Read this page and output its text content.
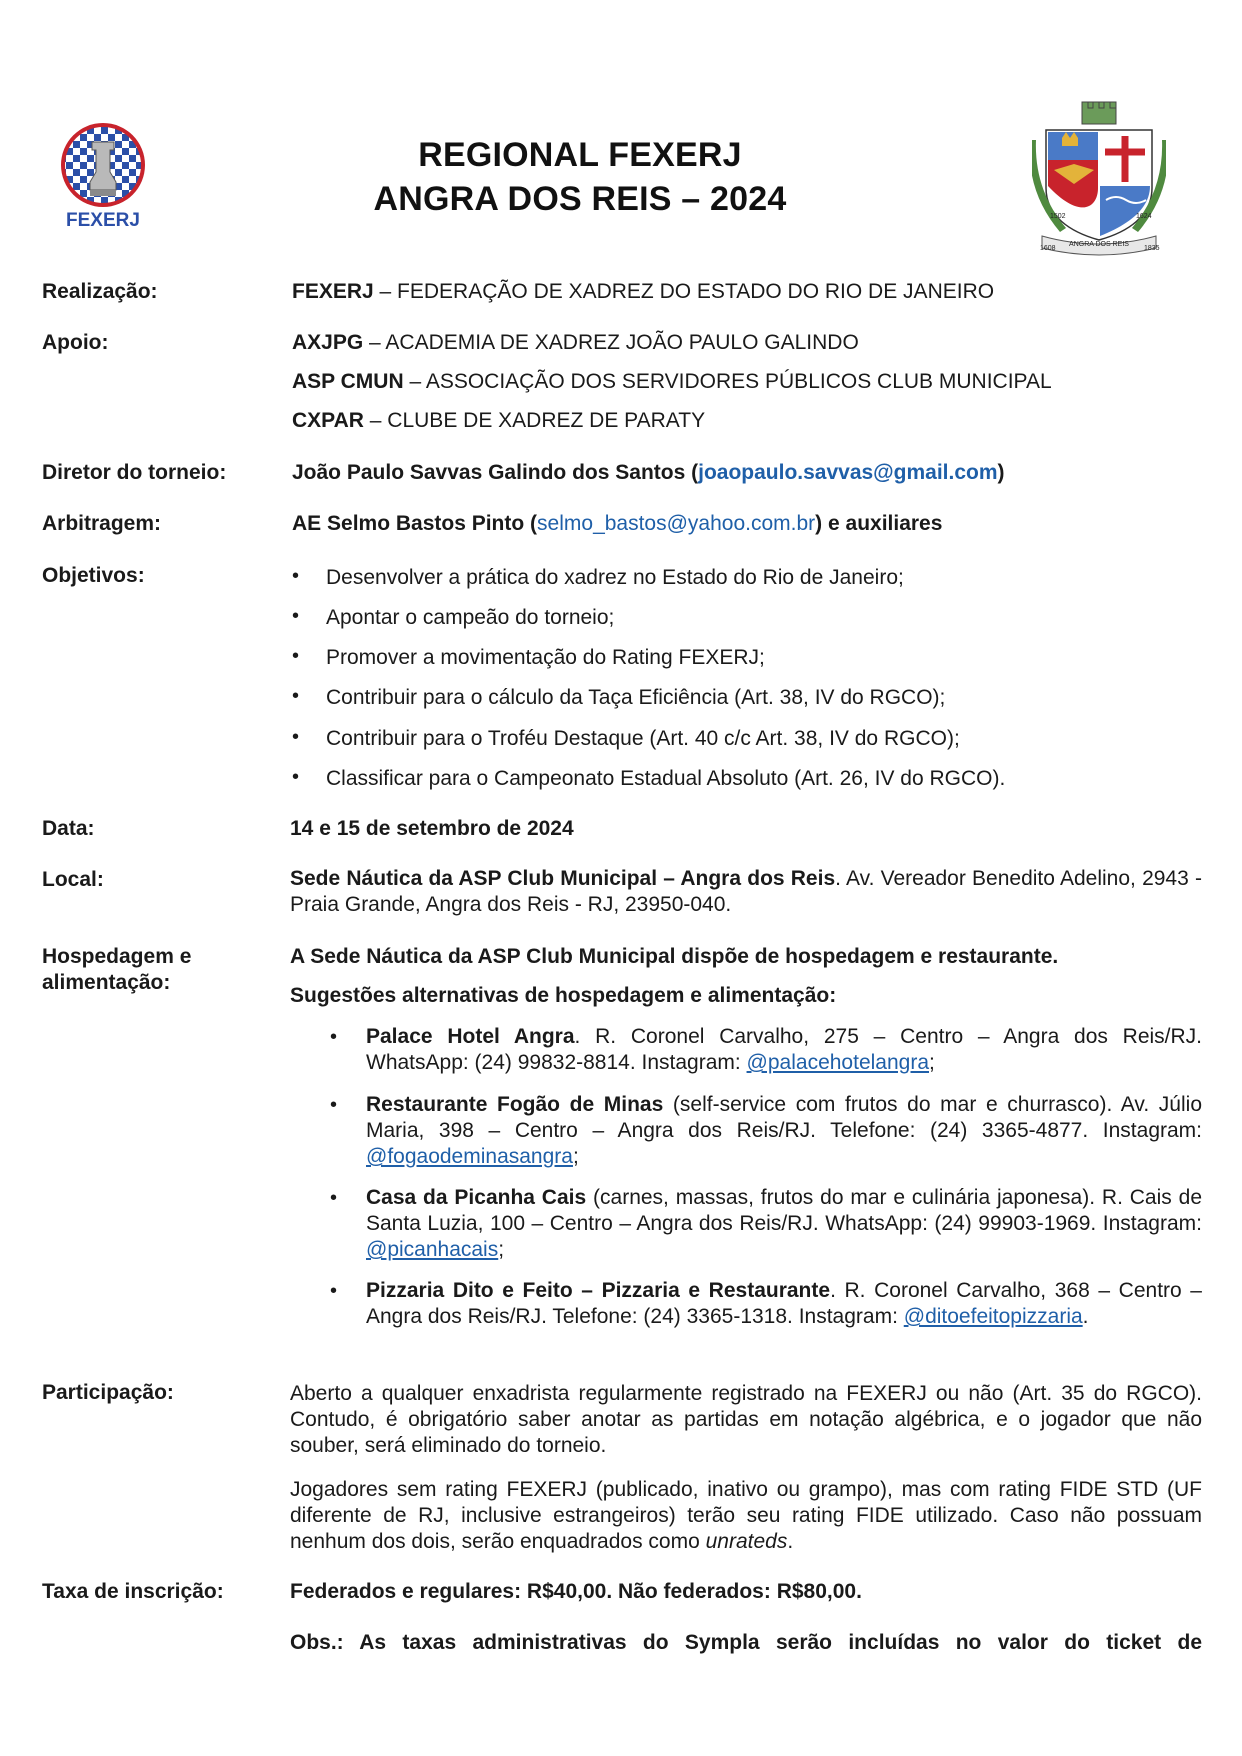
FEXERJ
ANGRA DOS REIS
1502	1624
1608	1835
REGIONAL FEXERJ
ANGRA DOS REIS – 2024
Realização:	FEXERJ – FEDERAÇÃO DE XADREZ DO ESTADO DO RIO DE JANEIRO
Apoio:	AXJPG – ACADEMIA DE XADREZ JOÃO PAULO GALINDO
ASP CMUN – ASSOCIAÇÃO DOS SERVIDORES PÚBLICOS CLUB MUNICIPAL
CXPAR – CLUBE DE XADREZ DE PARATY
Diretor do torneio:	João Paulo Savvas Galindo dos Santos (joaopaulo.savvas@gmail.com)
Arbitragem:	AE Selmo Bastos Pinto (selmo_bastos@yahoo.com.br) e auxiliares
Objetivos:	•	Desenvolver a prática do xadrez no Estado do Rio de Janeiro;
•	Apontar o campeão do torneio;
•	Promover a movimentação do Rating FEXERJ;
•	Contribuir para o cálculo da Taça Eficiência (Art. 38, IV do RGCO);
•	Contribuir para o Troféu Destaque (Art. 40 c/c Art. 38, IV do RGCO);
•	Classificar para o Campeonato Estadual Absoluto (Art. 26, IV do RGCO).
Data:	14 e 15 de setembro de 2024
Local:	Sede Náutica da ASP Club Municipal – Angra dos Reis. Av. Vereador Benedito Adelino, 2943 - Praia Grande, Angra dos Reis - RJ, 23950-040.
Hospedagem e
alimentação:
A Sede Náutica da ASP Club Municipal dispõe de hospedagem e restaurante.
Sugestões alternativas de hospedagem e alimentação:
• Palace Hotel Angra. R. Coronel Carvalho, 275 – Centro – Angra dos Reis/RJ. WhatsApp: (24) 99832-8814. Instagram: @palacehotelangra;
• Restaurante Fogão de Minas (self-service com frutos do mar e churrasco). Av. Júlio Maria, 398 – Centro – Angra dos Reis/RJ. Telefone: (24) 3365-4877. Instagram: @fogaodeminasangra;
• Casa da Picanha Cais (carnes, massas, frutos do mar e culinária japonesa). R. Cais de Santa Luzia, 100 – Centro – Angra dos Reis/RJ. WhatsApp: (24) 99903-1969. Instagram: @picanhacais;
• Pizzaria Dito e Feito – Pizzaria e Restaurante. R. Coronel Carvalho, 368 – Centro – Angra dos Reis/RJ. Telefone: (24) 3365-1318. Instagram: @ditoefeitopizzaria.
Participação:	Aberto a qualquer enxadrista regularmente registrado na FEXERJ ou não (Art. 35 do RGCO). Contudo, é obrigatório saber anotar as partidas em notação algébrica, e o jogador que não souber, será eliminado do torneio.
Jogadores sem rating FEXERJ (publicado, inativo ou grampo), mas com rating FIDE STD (UF diferente de RJ, inclusive estrangeiros) terão seu rating FIDE utilizado. Caso não possuam nenhum dos dois, serão enquadrados como unrateds.
Taxa de inscrição:	Federados e regulares: R$40,00. Não federados: R$80,00.
Obs.: As taxas administrativas do Sympla serão incluídas no valor do ticket de
